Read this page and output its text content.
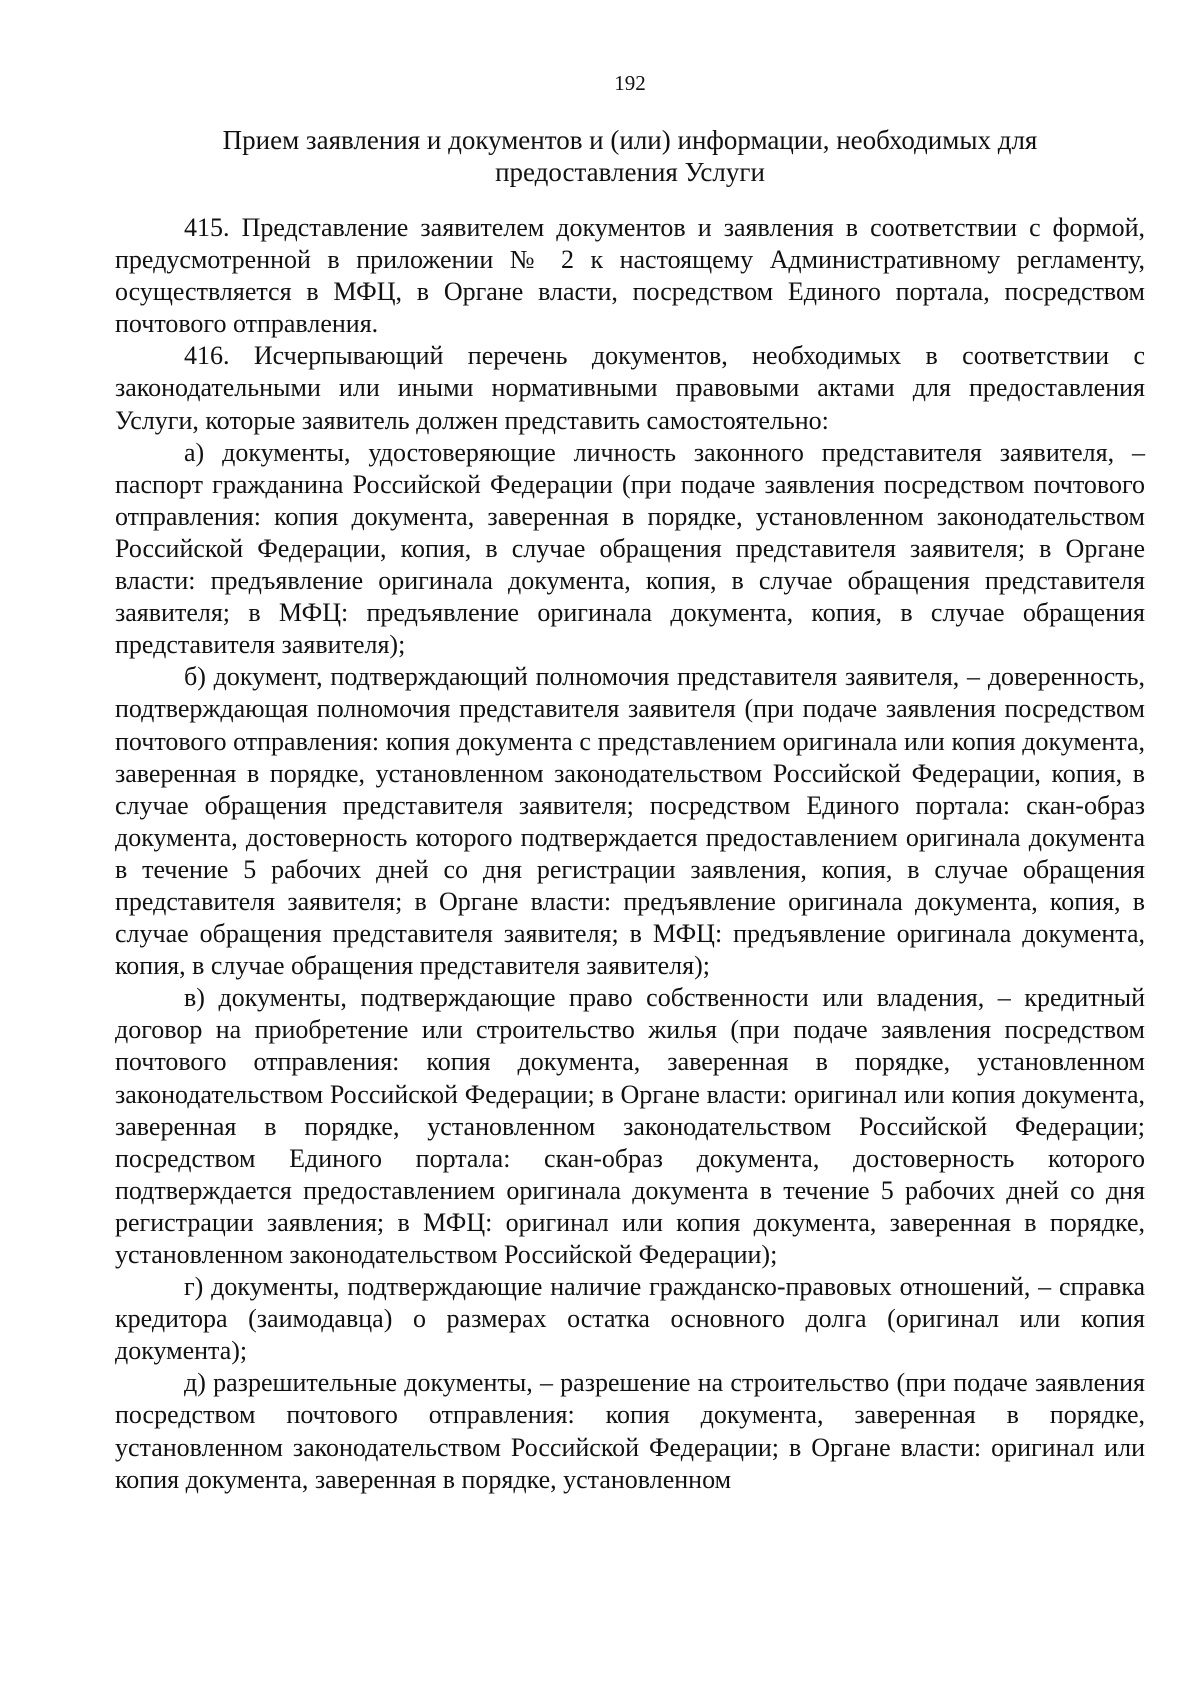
192
Прием заявления и документов и (или) информации, необходимых для
предоставления Услуги

415. Представление заявителем документов и заявления в соответствии с формой, предусмотренной в приложении № 2 к настоящему Административному регламенту, осуществляется в МФЦ, в Органе власти, посредством Единого портала, посредством почтового отправления.

416. Исчерпывающий перечень документов, необходимых в соответствии с законодательными или иными нормативными правовыми актами для предоставления Услуги, которые заявитель должен представить самостоятельно:

а) документы, удостоверяющие личность законного представителя заявителя, – паспорт гражданина Российской Федерации (при подаче заявления посредством почтового отправления: копия документа, заверенная в порядке, установленном законодательством Российской Федерации, копия, в случае обращения представителя заявителя; в Органе власти: предъявление оригинала документа, копия, в случае обращения представителя заявителя; в МФЦ: предъявление оригинала документа, копия, в случае обращения представителя заявителя);

б) документ, подтверждающий полномочия представителя заявителя, – доверенность, подтверждающая полномочия представителя заявителя (при подаче заявления посредством почтового отправления: копия документа с представлением оригинала или копия документа, заверенная в порядке, установленном законодательством Российской Федерации, копия, в случае обращения представителя заявителя; посредством Единого портала: скан-образ документа, достоверность которого подтверждается предоставлением оригинала документа в течение 5 рабочих дней со дня регистрации заявления, копия, в случае обращения представителя заявителя; в Органе власти: предъявление оригинала документа, копия, в случае обращения представителя заявителя; в МФЦ: предъявление оригинала документа, копия, в случае обращения представителя заявителя);

в) документы, подтверждающие право собственности или владения, – кредитный договор на приобретение или строительство жилья (при подаче заявления посредством почтового отправления: копия документа, заверенная в порядке, установленном законодательством Российской Федерации; в Органе власти: оригинал или копия документа, заверенная в порядке, установленном законодательством Российской Федерации; посредством Единого портала: скан-образ документа, достоверность которого подтверждается предоставлением оригинала документа в течение 5 рабочих дней со дня регистрации заявления; в МФЦ: оригинал или копия документа, заверенная в порядке, установленном законодательством Российской Федерации);

г) документы, подтверждающие наличие гражданско-правовых отношений, – справка кредитора (заимодавца) о размерах остатка основного долга (оригинал или копия документа);

д) разрешительные документы, – разрешение на строительство (при подаче заявления посредством почтового отправления: копия документа, заверенная в порядке, установленном законодательством Российской Федерации; в Органе власти: оригинал или копия документа, заверенная в порядке, установленном
